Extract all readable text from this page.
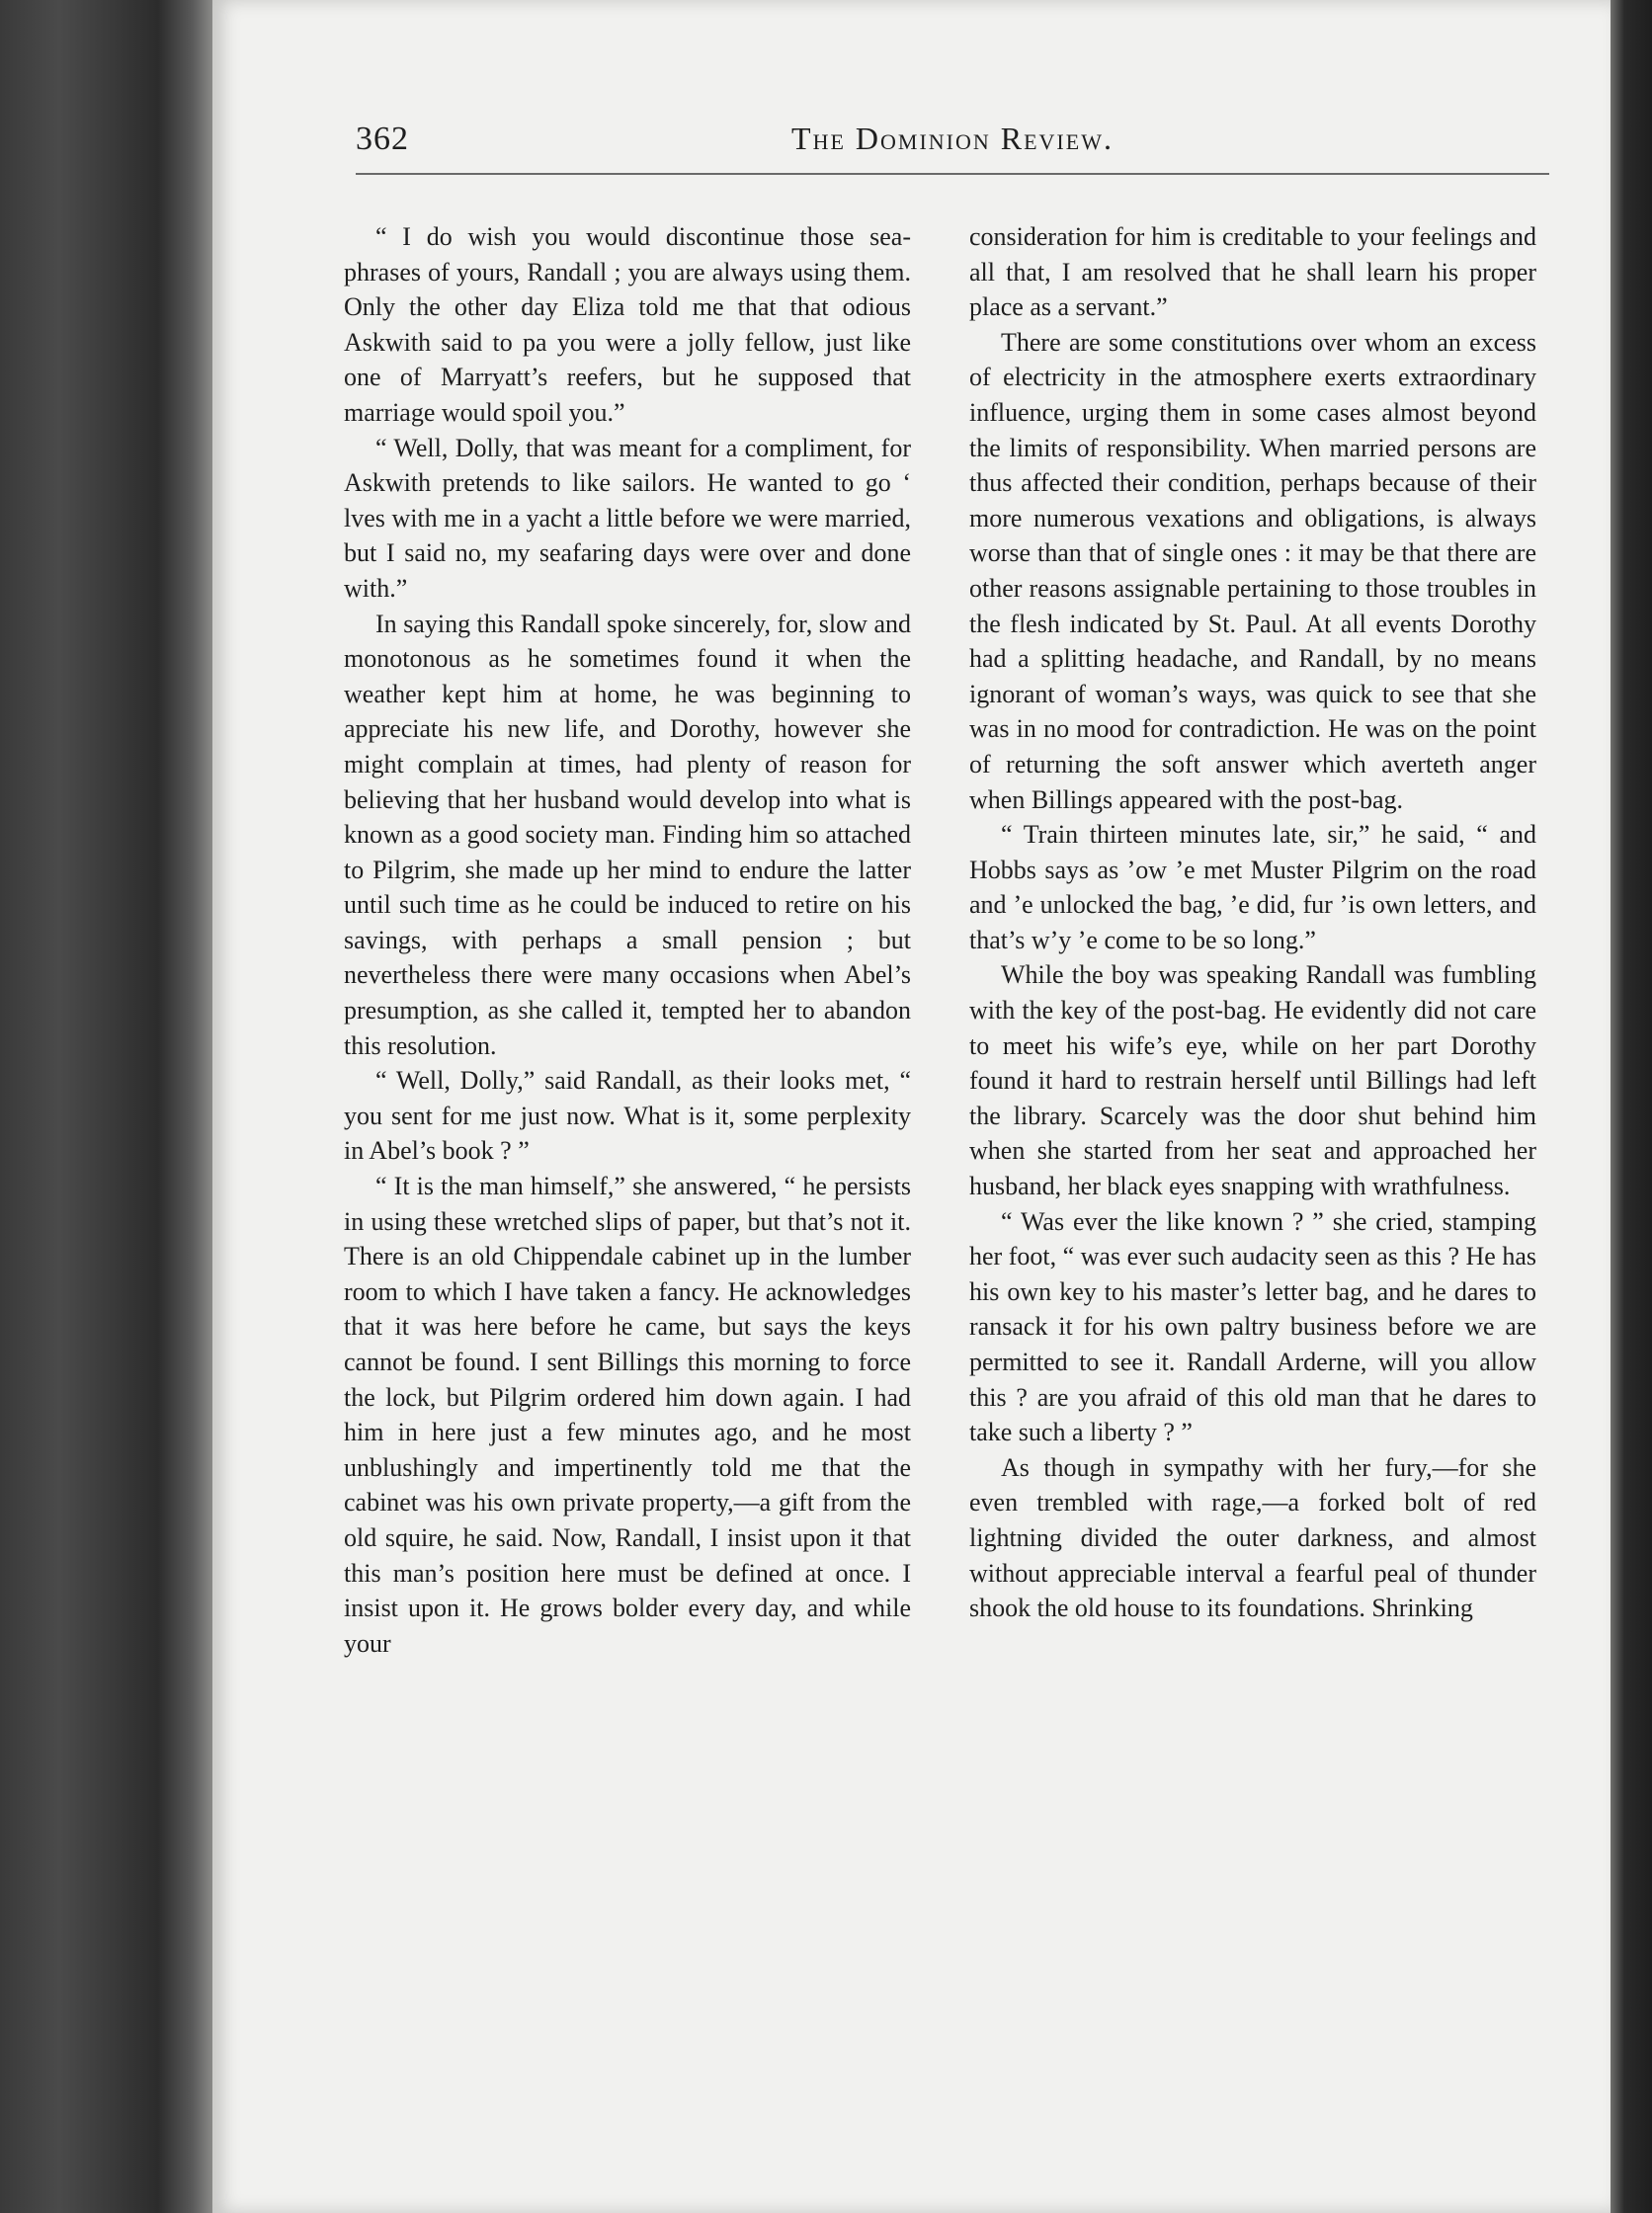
362	The Dominion Review.

“ I do wish you would discontinue those sea-phrases of yours, Randall ; you are always using them. Only the other day Eliza told me that that odious Askwith said to pa you were a jolly fellow, just like one of Marryatt’s reefers, but he supposed that marriage would spoil you.”

“ Well, Dolly, that was meant for a compliment, for Askwith pretends to like sailors. He wanted to go ‘ lves with me in a yacht a little before we were married, but I said no, my seafaring days were over and done with.”

In saying this Randall spoke sincerely, for, slow and monotonous as he sometimes found it when the weather kept him at home, he was beginning to appreciate his new life, and Dorothy, however she might complain at times, had plenty of reason for believing that her husband would develop into what is known as a good society man. Finding him so attached to Pilgrim, she made up her mind to endure the latter until such time as he could be induced to retire on his savings, with perhaps a small pension ; but nevertheless there were many occasions when Abel’s presumption, as she called it, tempted her to abandon this resolution.

“ Well, Dolly,” said Randall, as their looks met, “ you sent for me just now. What is it, some perplexity in Abel’s book ? ”

“ It is the man himself,” she answered, “ he persists in using these wretched slips of paper, but that’s not it. There is an old Chippendale cabinet up in the lumber room to which I have taken a fancy. He acknowledges that it was here before he came, but says the keys cannot be found. I sent Billings this morning to force the lock, but Pilgrim ordered him down again. I had him in here just a few minutes ago, and he most unblushingly and impertinently told me that the cabinet was his own private property,—a gift from the old squire, he said. Now, Randall, I insist upon it that this man’s position here must be defined at once. I insist upon it. He grows bolder every day, and while your

consideration for him is creditable to your feelings and all that, I am resolved that he shall learn his proper place as a servant.”

There are some constitutions over whom an excess of electricity in the atmosphere exerts extraordinary influence, urging them in some cases almost beyond the limits of responsibility. When married persons are thus affected their condition, perhaps because of their more numerous vexations and obligations, is always worse than that of single ones : it may be that there are other reasons assignable pertaining to those troubles in the flesh indicated by St. Paul. At all events Dorothy had a splitting headache, and Randall, by no means ignorant of woman’s ways, was quick to see that she was in no mood for contradiction. He was on the point of returning the soft answer which averteth anger when Billings appeared with the post-bag.

“ Train thirteen minutes late, sir,” he said, “ and Hobbs says as ’ow ’e met Muster Pilgrim on the road and ’e unlocked the bag, ’e did, fur ’is own letters, and that’s w’y ’e come to be so long.”

While the boy was speaking Randall was fumbling with the key of the post-bag. He evidently did not care to meet his wife’s eye, while on her part Dorothy found it hard to restrain herself until Billings had left the library. Scarcely was the door shut behind him when she started from her seat and approached her husband, her black eyes snapping with wrathfulness.

“ Was ever the like known ? ” she cried, stamping her foot, “ was ever such audacity seen as this ? He has his own key to his master’s letter bag, and he dares to ransack it for his own paltry business before we are permitted to see it. Randall Arderne, will you allow this ? are you afraid of this old man that he dares to take such a liberty ? ”

As though in sympathy with her fury,—for she even trembled with rage,—a forked bolt of red lightning divided the outer darkness, and almost without appreciable interval a fearful peal of thunder shook the old house to its foundations. Shrinking
